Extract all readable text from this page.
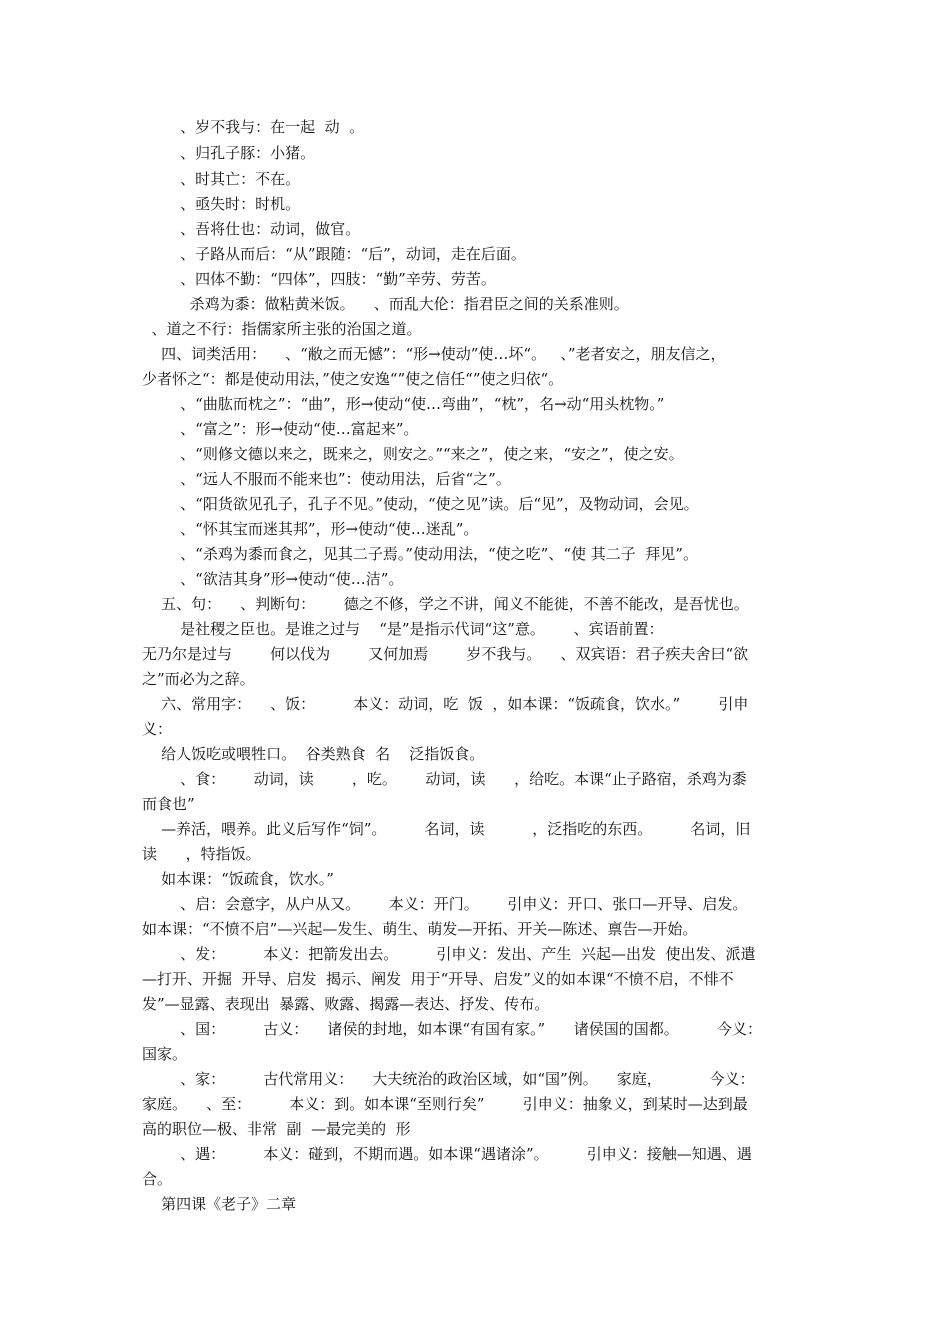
、岁不我与：在一起  动  。
、归孔子豚：小猪。
、时其亡：不在。
、亟失时：时机。
、吾将仕也：动词，做官。
、子路从而后：“从”跟随：“后”，动词，走在后面。
、四体不勤：“四体”，四肢：“勤”辛劳、劳苦。
杀鸡为黍：做粘黄米饭。    、而乱大伦：指君臣之间的关系准则。
、道之不行：指儒家所主张的治国之道。
四、词类活用：    、“敝之而无憾”：“形→使动”使…坏“。   、”老者安之，朋友信之，
少者怀之“：都是使动用法，”使之安逸“”使之信任“”使之归依“。
、“曲肱而枕之”：“曲”，形→使动“使…弯曲”，“枕”，名→动“用头枕物。”
、“富之”：形→使动“使…富起来”。
、“则修文德以来之，既来之，则安之。”“来之”，使之来，“安之”，使之安。
、“远人不服而不能来也”：使动用法，后省“之”。
、“阳货欲见孔子，孔子不见。”使动，“使之见”读。后“见”，及物动词，会见。
、“怀其宝而迷其邦”，形→使动“使…迷乱”。
、“杀鸡为黍而食之，见其二子焉。”使动用法，“使之吃”、“使 其二子  拜见”。
、“欲洁其身”形→使动“使…洁”。
五、句：    、判断句：      德之不修，学之不讲，闻义不能徙，不善不能改，是吾忧也。
是社稷之臣也。是谁之过与    “是”是指示代词“这”意。      、宾语前置：
无乃尔是过与        何以伐为        又何加焉        岁不我与。    、双宾语：君子疾夫舍曰“欲
之”而必为之辞。
六、常用字：    、饭：        本义：动词，吃  饭  ，如本课：“饭疏食，饮水。”        引申
义：
给人饭吃或喂牲口。  谷类熟食  名    泛指饭食。
、食：      动词，读        ，吃。      动词，读      ，给吃。本课“止子路宿，杀鸡为黍
而食也”
—养活，喂养。此义后写作“饲”。        名词，读          ，泛指吃的东西。        名词，旧
读      ，特指饭。
如本课：“饭疏食，饮水。”
、启：会意字，从户从又。      本义：开门。      引申义：开口、张口—开导、启发。
如本课：“不愤不启”—兴起—发生、萌生、萌发—开拓、开关—陈述、禀告—开始。
、发：        本义：把箭发出去。        引申义：发出、产生  兴起—出发  使出发、派遣
—打开、开掘  开导、启发  揭示、阐发  用于“开导、启发”义的如本课“不愤不启，不悱不
发”—显露、表现出  暴露、败露、揭露—表达、抒发、传布。
、国：        古义：    诸侯的封地，如本课“有国有家。”      诸侯国的国都。        今义：
国家。
、家：        古代常用义：    大夫统治的政治区域，如“国”例。    家庭，          今义：
家庭。    、至：        本义：到。如本课“至则行矣”        引申义：抽象义，到某时—达到最
高的职位—极、非常  副  —最完美的  形
、遇：        本义：碰到，不期而遇。如本课“遇诸涂”。        引申义：接触—知遇、遇
合。
第四课《老子》二章
